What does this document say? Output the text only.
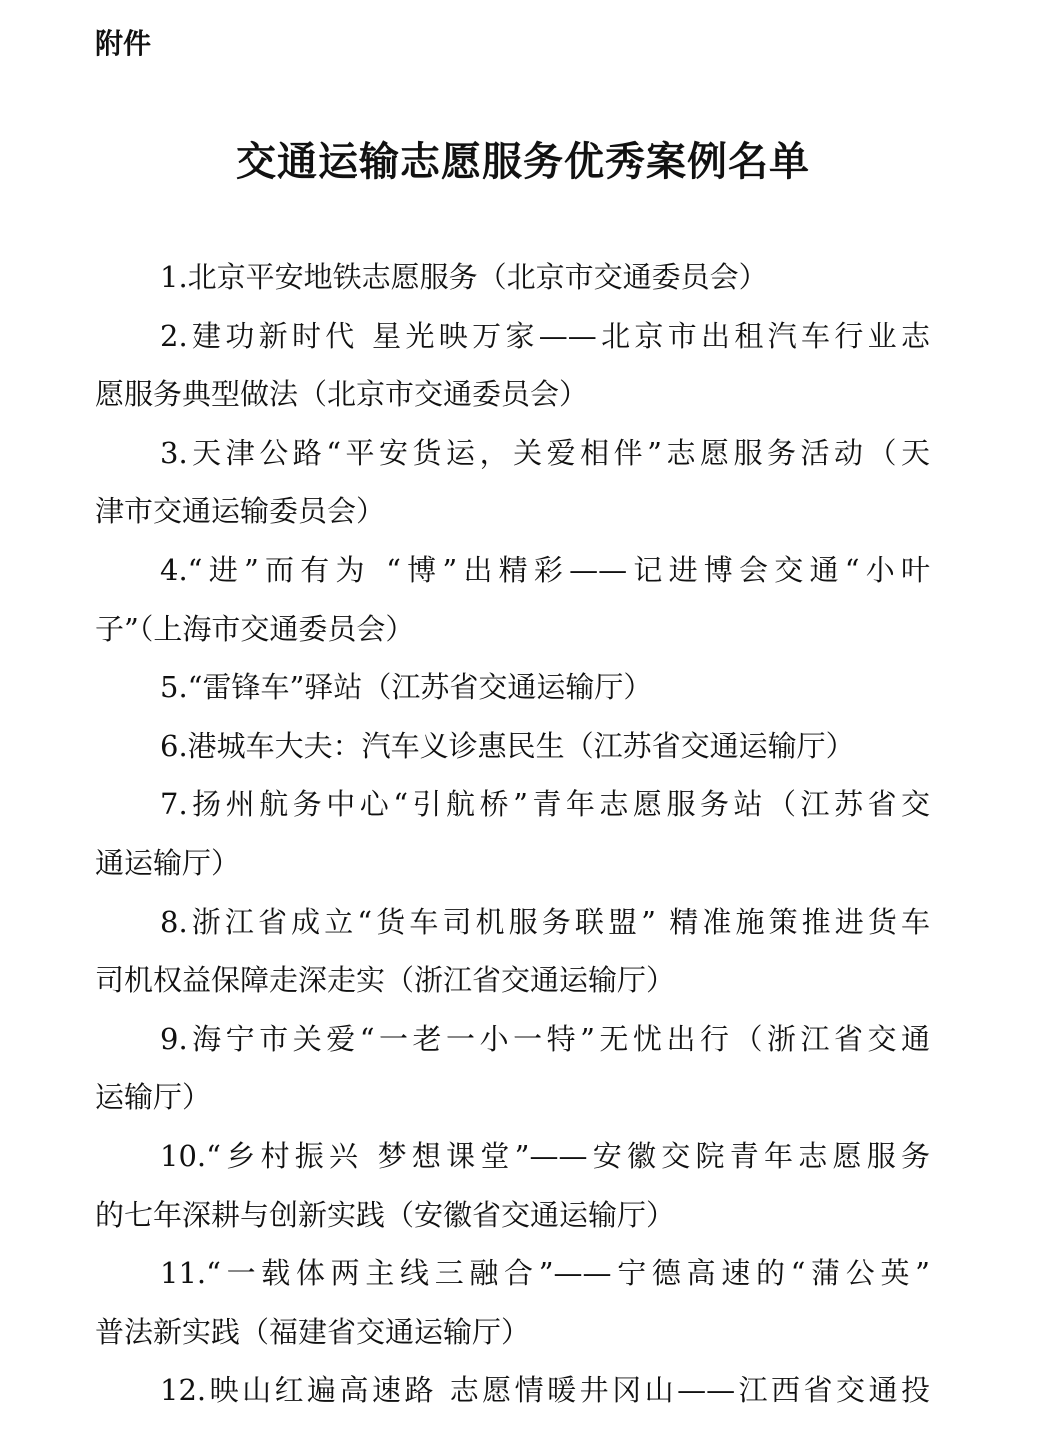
附件
交通运输志愿服务优秀案例名单
1.北京平安地铁志愿服务（北京市交通委员会）
2.建功新时代 星光映万家——北京市出租汽车行业志
愿服务典型做法（北京市交通委员会）
3.天津公路“平安货运，关爱相伴”志愿服务活动（天
津市交通运输委员会）
4.“进”而有为 “博”出精彩——记进博会交通“小叶
子”（上海市交通委员会）
5.“雷锋车”驿站（江苏省交通运输厅）
6.港城车大夫：汽车义诊惠民生（江苏省交通运输厅）
7.扬州航务中心“引航桥”青年志愿服务站（江苏省交
通运输厅）
8.浙江省成立“货车司机服务联盟” 精准施策推进货车
司机权益保障走深走实（浙江省交通运输厅）
9.海宁市关爱“一老一小一特”无忧出行（浙江省交通
运输厅）
10.“乡村振兴 梦想课堂”——安徽交院青年志愿服务
的七年深耕与创新实践（安徽省交通运输厅）
11.“一载体两主线三融合”——宁德高速的“蒲公英”
普法新实践（福建省交通运输厅）
12.映山红遍高速路 志愿情暖井冈山——江西省交通投
